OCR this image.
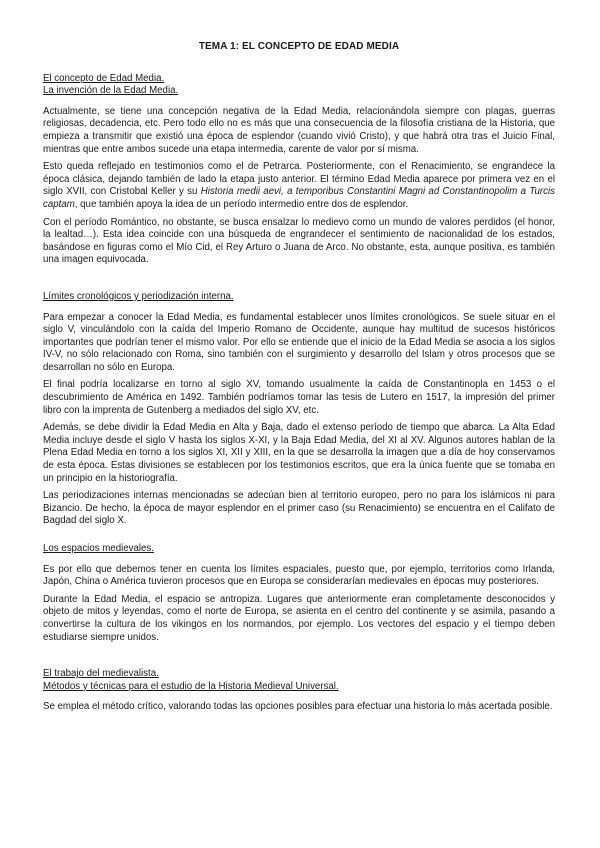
TEMA 1: EL CONCEPTO DE EDAD MEDIA

El concepto de Edad Media.

La invención de la Edad Media.

Actualmente, se tiene una concepción negativa de la Edad Media, relacionándola siempre con plagas, guerras religiosas, decadencia, etc. Pero todo ello no es más que una consecuencia de la filosofía cristiana de la Historia, que empieza a transmitir que existió una época de esplendor (cuando vivió Cristo), y que habrá otra tras el Juicio Final, mientras que entre ambos sucede una etapa intermedia, carente de valor por sí misma.

Esto queda reflejado en testimonios como el de Petrarca. Posteriormente, con el Renacimiento, se engrandece la época clásica, dejando también de lado la etapa justo anterior. El término Edad Media aparece por primera vez en el siglo XVII, con Cristobal Keller y su Historia medii aevi, a temporibus Constantini Magni ad Constantinopolim a Turcis captam, que también apoya la idea de un período intermedio entre dos de esplendor.

Con el período Romántico, no obstante, se busca ensalzar lo medievo como un mundo de valores perdidos (el honor, la lealtad…). Esta idea coincide con una búsqueda de engrandecer el sentimiento de nacionalidad de los estados, basándose en figuras como el Mío Cid, el Rey Arturo o Juana de Arco. No obstante, esta, aunque positiva, es también una imagen equivocada.

Límites cronológicos y periodización interna.

Para empezar a conocer la Edad Media, es fundamental establecer unos límites cronológicos. Se suele situar en el siglo V, vinculándolo con la caída del Imperio Romano de Occidente, aunque hay multitud de sucesos históricos importantes que podrían tener el mismo valor. Por ello se entiende que el inicio de la Edad Media se asocia a los siglos IV-V, no sólo relacionado con Roma, sino también con el surgimiento y desarrollo del Islam y otros procesos que se desarrollan no sólo en Europa.

El final podría localizarse en torno al siglo XV, tomando usualmente la caída de Constantinopla en 1453 o el descubrimiento de América en 1492. También podríamos tomar las tesis de Lutero en 1517, la impresión del primer libro con la imprenta de Gutenberg a mediados del siglo XV, etc.

Además, se debe dividir la Edad Media en Alta y Baja, dado el extenso período de tiempo que abarca. La Alta Edad Media incluye desde el siglo V hasta los siglos X-XI, y la Baja Edad Media, del XI al XV. Algunos autores hablan de la Plena Edad Media en torno a los siglos XI, XII y XIII, en la que se desarrolla la imagen que a día de hoy conservamos de esta época. Estas divisiones se establecen por los testimonios escritos, que era la única fuente que se tomaba en un principio en la historiografía.

Las periodizaciones internas mencionadas se adecúan bien al territorio europeo, pero no para los islámicos ni para Bizancio. De hecho, la época de mayor esplendor en el primer caso (su Renacimiento) se encuentra en el Califato de Bagdad del siglo X.

Los espacios medievales.

Es por ello que debemos tener en cuenta los límites espaciales, puesto que, por ejemplo, territorios como Irlanda, Japón, China o América tuvieron procesos que en Europa se considerarían medievales en épocas muy posteriores.

Durante la Edad Media, el espacio se antropiza. Lugares que anteriormente eran completamente desconocidos y objeto de mitos y leyendas, como el norte de Europa, se asienta en el centro del continente y se asimila, pasando a convertirse la cultura de los vikingos en los normandos, por ejemplo. Los vectores del espacio y el tiempo deben estudiarse siempre unidos.

El trabajo del medievalista.

Métodos y técnicas para el estudio de la Historia Medieval Universal.

Se emplea el método crítico, valorando todas las opciones posibles para efectuar una historia lo más acertada posible.
